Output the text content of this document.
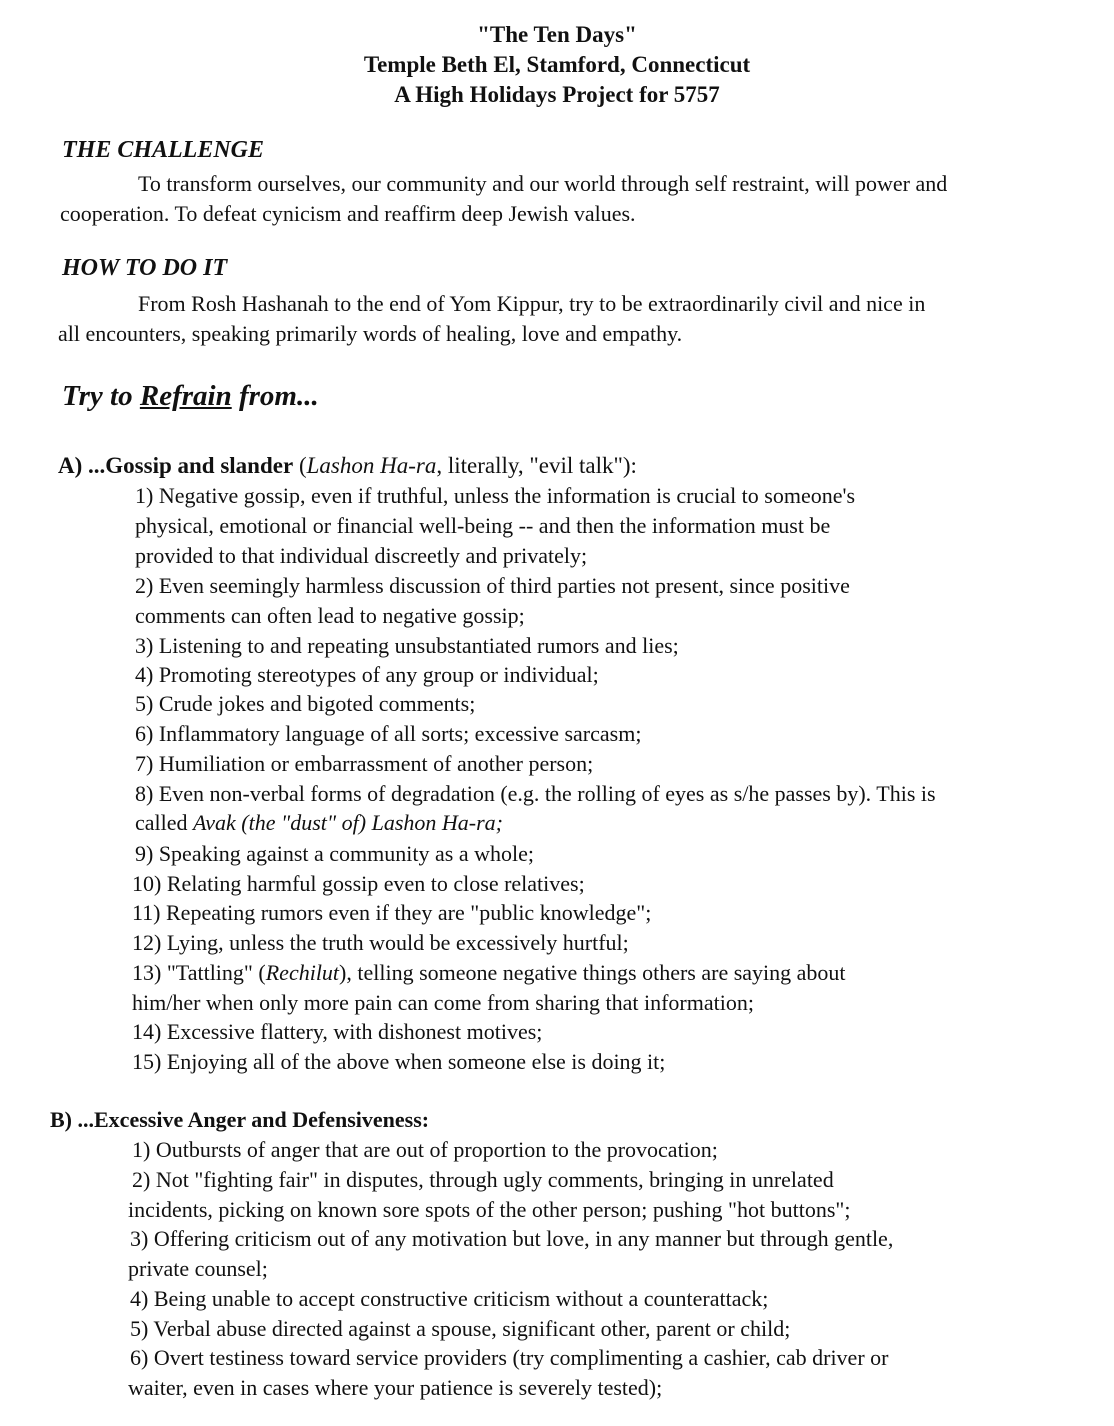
"The Ten Days"
Temple Beth El, Stamford, Connecticut
A High Holidays Project for 5757
THE CHALLENGE
To transform ourselves, our community and our world through self restraint, will power and
cooperation. To defeat cynicism and reaffirm deep Jewish values.
HOW TO DO IT
From Rosh Hashanah to the end of Yom Kippur, try to be extraordinarily civil and nice in
all encounters, speaking primarily words of healing, love and empathy.
Try to Refrain from...
A) ...Gossip and slander (Lashon Ha-ra, literally, "evil talk"):
1) Negative gossip, even if truthful, unless the information is crucial to someone's
physical, emotional or financial well-being -- and then the information must be
provided to that individual discreetly and privately;
2) Even seemingly harmless discussion of third parties not present, since positive
comments can often lead to negative gossip;
3) Listening to and repeating unsubstantiated rumors and lies;
4) Promoting stereotypes of any group or individual;
5) Crude jokes and bigoted comments;
6) Inflammatory language of all sorts; excessive sarcasm;
7) Humiliation or embarrassment of another person;
8) Even non-verbal forms of degradation (e.g. the rolling of eyes as s/he passes by). This is
called Avak (the "dust" of) Lashon Ha-ra;
9) Speaking against a community as a whole;
10) Relating harmful gossip even to close relatives;
11) Repeating rumors even if they are "public knowledge";
12) Lying, unless the truth would be excessively hurtful;
13) "Tattling" (Rechilut), telling someone negative things others are saying about
him/her when only more pain can come from sharing that information;
14) Excessive flattery, with dishonest motives;
15) Enjoying all of the above when someone else is doing it;
B) ...Excessive Anger and Defensiveness:
1) Outbursts of anger that are out of proportion to the provocation;
2) Not "fighting fair" in disputes, through ugly comments, bringing in unrelated
incidents, picking on known sore spots of the other person; pushing "hot buttons";
3) Offering criticism out of any motivation but love, in any manner but through gentle,
private counsel;
4) Being unable to accept constructive criticism without a counterattack;
5) Verbal abuse directed against a spouse, significant other, parent or child;
6) Overt testiness toward service providers (try complimenting a cashier, cab driver or
waiter, even in cases where your patience is severely tested);
